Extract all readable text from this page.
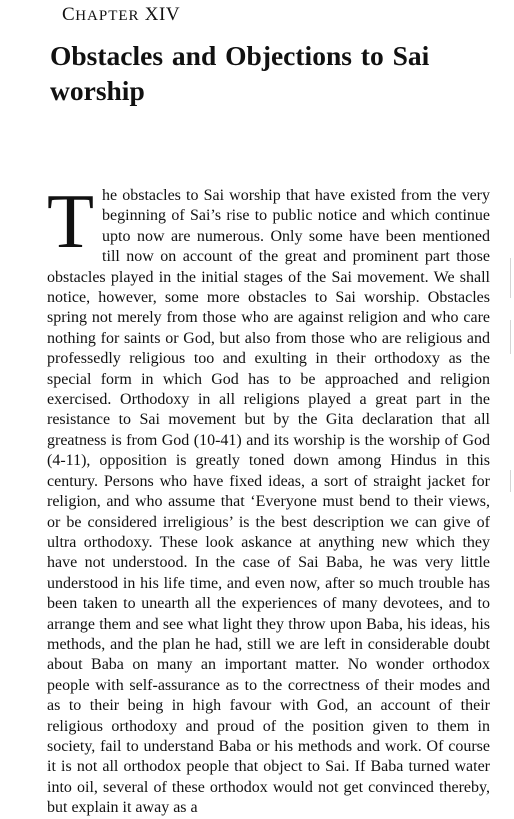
CHAPTER XIV
Obstacles and Objections to Sai worship
The obstacles to Sai worship that have existed from the very beginning of Sai’s rise to public notice and which continue upto now are numerous. Only some have been mentioned till now on account of the great and prominent part those obstacles played in the initial stages of the Sai movement. We shall notice, however, some more obstacles to Sai worship. Obstacles spring not merely from those who are against religion and who care nothing for saints or God, but also from those who are religious and professedly religious too and exulting in their orthodoxy as the special form in which God has to be approached and religion exercised. Orthodoxy in all religions played a great part in the resistance to Sai movement but by the Gita declaration that all greatness is from God (10-41) and its worship is the worship of God (4-11), opposition is greatly toned down among Hindus in this century. Persons who have fixed ideas, a sort of straight jacket for religion, and who assume that ‘Everyone must bend to their views, or be considered irreligious’ is the best description we can give of ultra orthodoxy. These look askance at anything new which they have not understood. In the case of Sai Baba, he was very little understood in his life time, and even now, after so much trouble has been taken to unearth all the experiences of many devotees, and to arrange them and see what light they throw upon Baba, his ideas, his methods, and the plan he had, still we are left in considerable doubt about Baba on many an important matter. No wonder orthodox people with self-assurance as to the correctness of their modes and as to their being in high favour with God, an account of their religious orthodoxy and proud of the position given to them in society, fail to understand Baba or his methods and work. Of course it is not all orthodox people that object to Sai. If Baba turned water into oil, several of these orthodox would not get convinced thereby, but explain it away as a
